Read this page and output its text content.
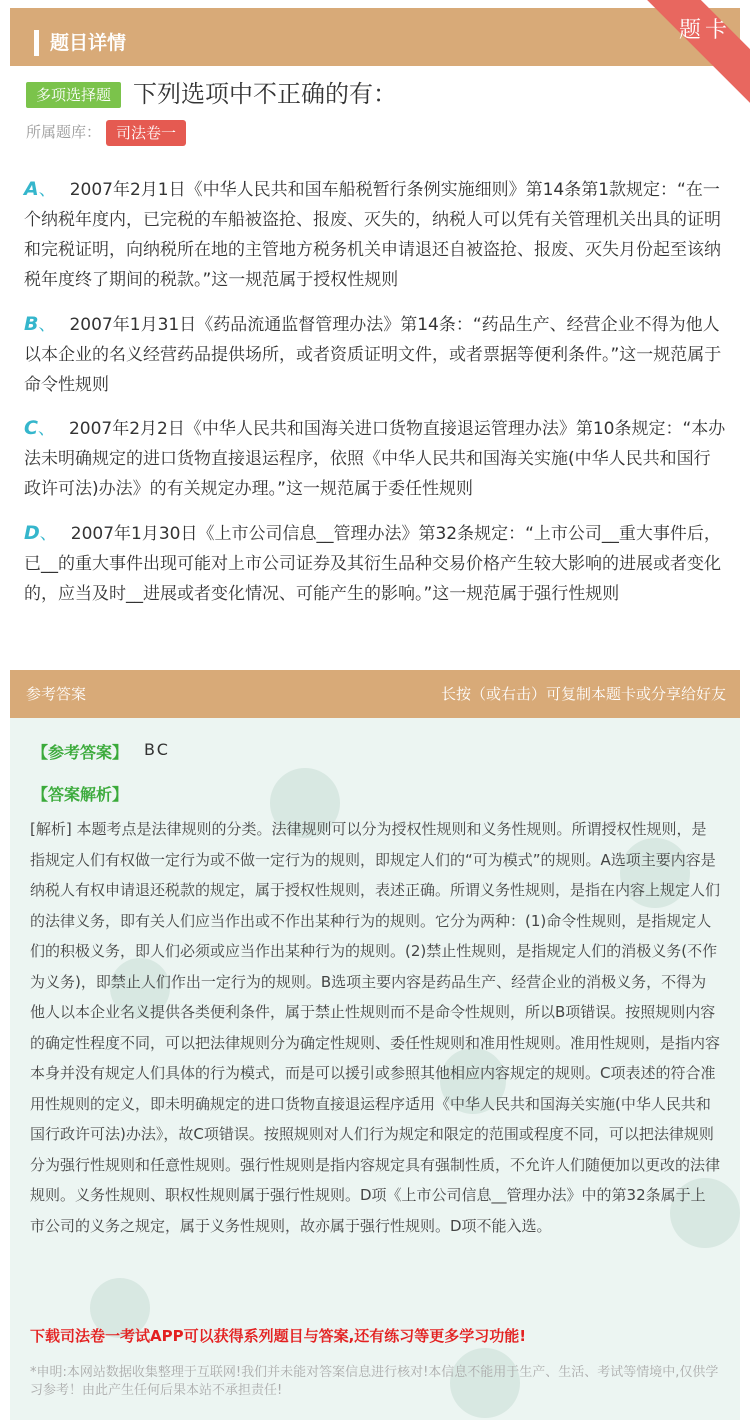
题目详情
题卡
多项选择题 下列选项中不正确的有：
所属题库： 司法卷一
A、 2007年2月1日《中华人民共和国车船税暂行条例实施细则》第14条第1款规定：“在一个纳税年度内，已完税的车船被盗抢、报废、灭失的，纳税人可以凭有关管理机关出具的证明和完税证明，向纳税所在地的主管地方税务机关申请退还自被盗抢、报废、灭失月份起至该纳税年度终了期间的税款。”这一规范属于授权性规则
B、 2007年1月31日《药品流通监督管理办法》第14条：“药品生产、经营企业不得为他人以本企业的名义经营药品提供场所，或者资质证明文件，或者票据等便利条件。”这一规范属于命令性规则
C、 2007年2月2日《中华人民共和国海关进口货物直接退运管理办法》第10条规定：“本办法未明确规定的进口货物直接退运程序，依照《中华人民共和国海关实施(中华人民共和国行政许可法)办法》的有关规定办理。”这一规范属于委任性规则
D、 2007年1月30日《上市公司信息__管理办法》第32条规定：“上市公司__重大事件后，已__的重大事件出现可能对上市公司证券及其衍生品种交易价格产生较大影响的进展或者变化的，应当及时__进展或者变化情况、可能产生的影响。”这一规范属于强行性规则
参考答案	长按（或右击）可复制本题卡或分享给好友
【参考答案】 BC
【答案解析】
[解析] 本题考点是法律规则的分类。法律规则可以分为授权性规则和义务性规则。所谓授权性规则，是指规定人们有权做一定行为或不做一定行为的规则，即规定人们的“可为模式”的规则。A选项主要内容是纳税人有权申请退还税款的规定，属于授权性规则，表述正确。所谓义务性规则，是指在内容上规定人们的法律义务，即有关人们应当作出或不作出某种行为的规则。它分为两种：(1)命令性规则，是指规定人们的积极义务，即人们必须或应当作出某种行为的规则。(2)禁止性规则，是指规定人们的消极义务(不作为义务)，即禁止人们作出一定行为的规则。B选项主要内容是药品生产、经营企业的消极义务，不得为他人以本企业名义提供各类便利条件，属于禁止性规则而不是命令性规则，所以B项错误。按照规则内容的确定性程度不同，可以把法律规则分为确定性规则、委任性规则和准用性规则。准用性规则，是指内容本身并没有规定人们具体的行为模式，而是可以援引或参照其他相应内容规定的规则。C项表述的符合准用性规则的定义，即未明确规定的进口货物直接退运程序适用《中华人民共和国海关实施(中华人民共和国行政许可法)办法》，故C项错误。按照规则对人们行为规定和限定的范围或程度不同，可以把法律规则分为强行性规则和任意性规则。强行性规则是指内容规定具有强制性质，不允许人们随便加以更改的法律规则。义务性规则、职权性规则属于强行性规则。D项《上市公司信息__管理办法》中的第32条属于上市公司的义务之规定，属于义务性规则，故亦属于强行性规则。D项不能入选。
下载司法卷一考试APP可以获得系列题目与答案,还有练习等更多学习功能!
*申明:本网站数据收集整理于互联网!我们并未能对答案信息进行核对!本信息不能用于生产、生活、考试等情境中,仅供学习参考！由此产生任何后果本站不承担责任!
